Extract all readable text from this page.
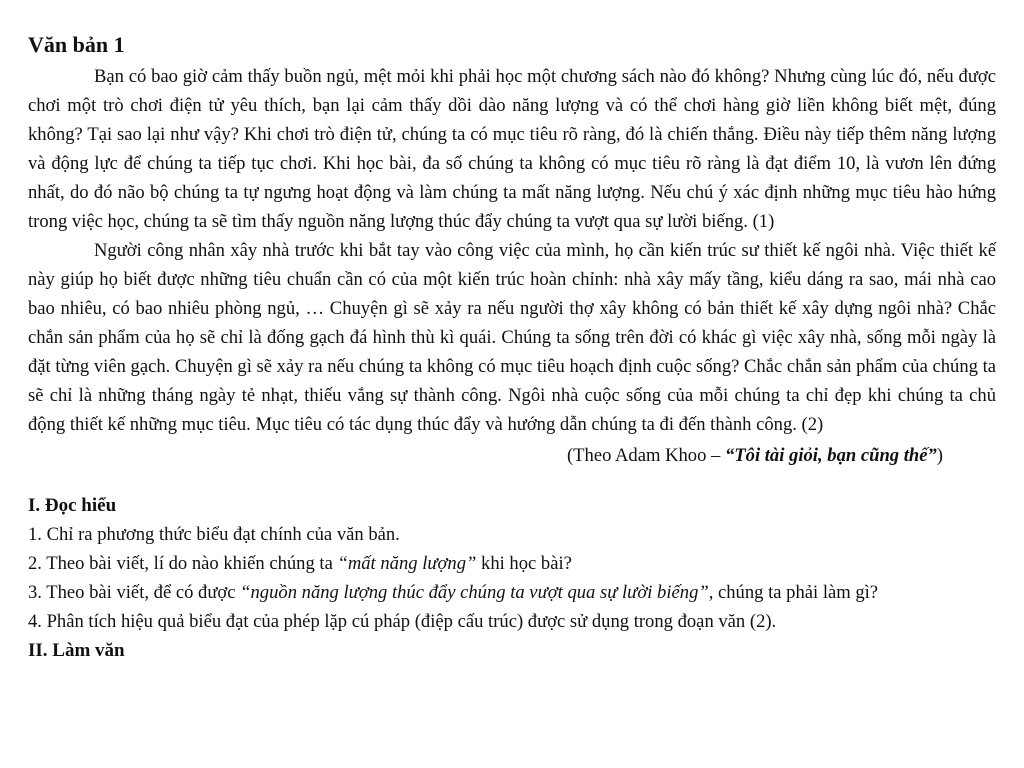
Văn bản 1

Bạn có bao giờ cảm thấy buồn ngủ, mệt mỏi khi phải học một chương sách nào đó không? Nhưng cùng lúc đó, nếu được chơi một trò chơi điện tử yêu thích, bạn lại cảm thấy dồi dào năng lượng và có thể chơi hàng giờ liền không biết mệt, đúng không? Tại sao lại như vậy? Khi chơi trò điện tử, chúng ta có mục tiêu rõ ràng, đó là chiến thắng. Điều này tiếp thêm năng lượng và động lực để chúng ta tiếp tục chơi. Khi học bài, đa số chúng ta không có mục tiêu rõ ràng là đạt điểm 10, là vươn lên đứng nhất, do đó não bộ chúng ta tự ngưng hoạt động và làm chúng ta mất năng lượng. Nếu chú ý xác định những mục tiêu hào hứng trong việc học, chúng ta sẽ tìm thấy nguồn năng lượng thúc đẩy chúng ta vượt qua sự lười biếng. (1)

Người công nhân xây nhà trước khi bắt tay vào công việc của mình, họ cần kiến trúc sư thiết kế ngôi nhà. Việc thiết kế này giúp họ biết được những tiêu chuẩn cần có của một kiến trúc hoàn chỉnh: nhà xây mấy tầng, kiểu dáng ra sao, mái nhà cao bao nhiêu, có bao nhiêu phòng ngủ, … Chuyện gì sẽ xảy ra nếu người thợ xây không có bản thiết kế xây dựng ngôi nhà? Chắc chắn sản phẩm của họ sẽ chỉ là đống gạch đá hình thù kì quái. Chúng ta sống trên đời có khác gì việc xây nhà, sống mỗi ngày là đặt từng viên gạch. Chuyện gì sẽ xảy ra nếu chúng ta không có mục tiêu hoạch định cuộc sống? Chắc chắn sản phẩm của chúng ta sẽ chỉ là những tháng ngày tẻ nhạt, thiếu vắng sự thành công. Ngôi nhà cuộc sống của mỗi chúng ta chỉ đẹp khi chúng ta chủ động thiết kế những mục tiêu. Mục tiêu có tác dụng thúc đẩy và hướng dẫn chúng ta đi đến thành công. (2)

(Theo Adam Khoo – “Tôi tài giỏi, bạn cũng thế”)
I. Đọc hiểu
1. Chỉ ra phương thức biểu đạt chính của văn bản.
2. Theo bài viết, lí do nào khiến chúng ta “mất năng lượng” khi học bài?
3. Theo bài viết, để có được “nguồn năng lượng thúc đẩy chúng ta vượt qua sự lười biếng”, chúng ta phải làm gì?
4. Phân tích hiệu quả biểu đạt của phép lặp cú pháp (điệp cấu trúc) được sử dụng trong đoạn văn (2).
II. Làm văn
